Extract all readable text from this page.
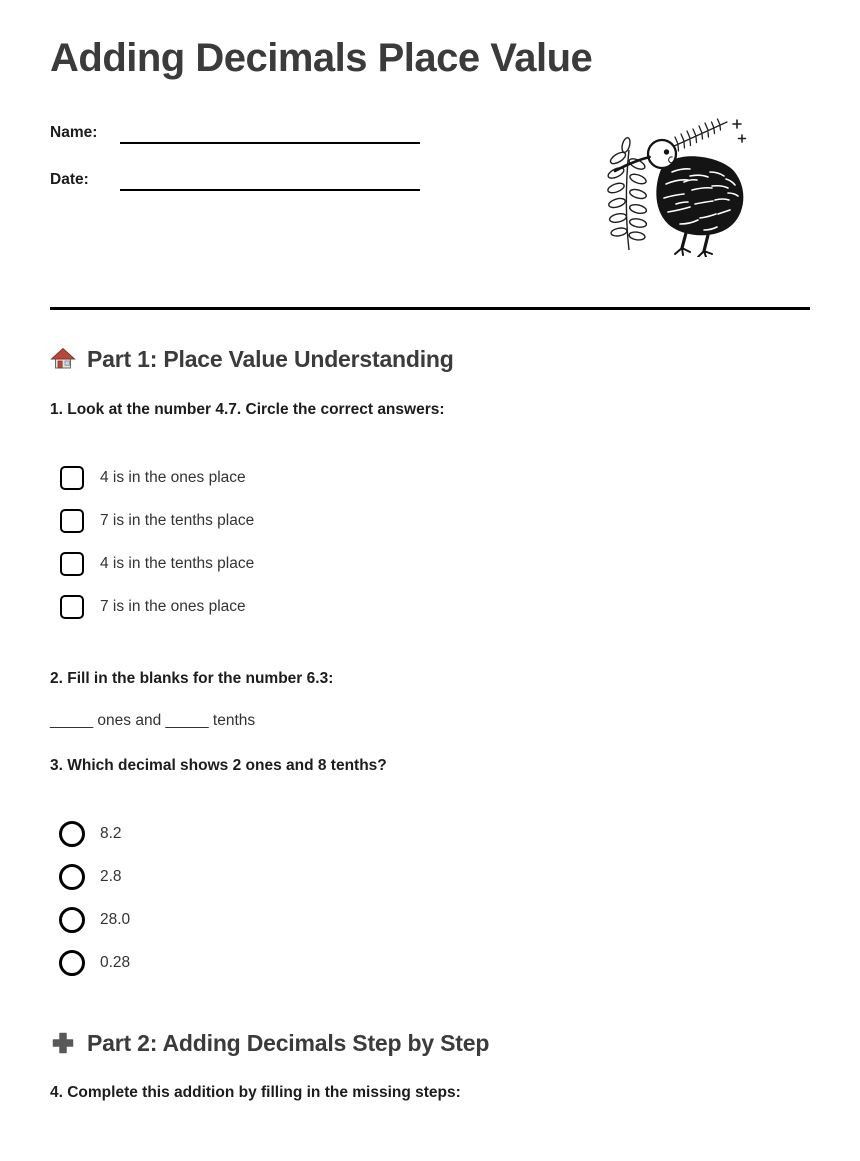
Adding Decimals Place Value
Name:
Date:
Part 1: Place Value Understanding
1. Look at the number 4.7. Circle the correct answers:
4 is in the ones place
7 is in the tenths place
4 is in the tenths place
7 is in the ones place
2. Fill in the blanks for the number 6.3:
_____ ones and _____ tenths
3. Which decimal shows 2 ones and 8 tenths?
8.2
2.8
28.0
0.28
Part 2: Adding Decimals Step by Step
4. Complete this addition by filling in the missing steps:
